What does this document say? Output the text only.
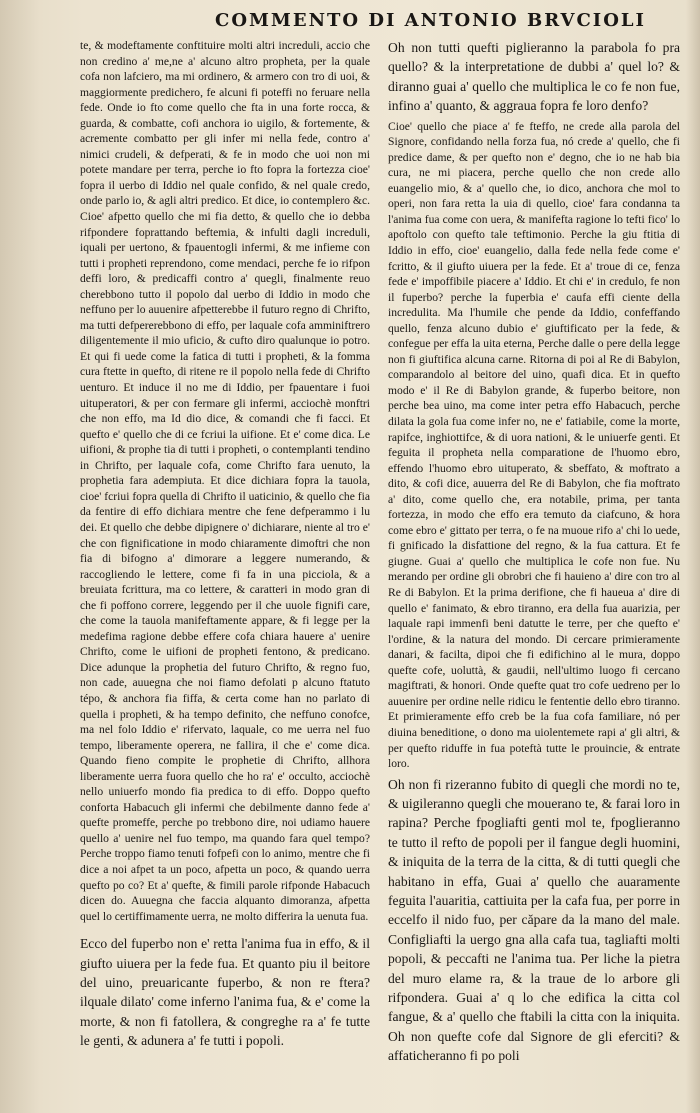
COMMENTO DI ANTONIO BRVCIOLI

te, & modeftamente conftituire molti altri increduli, accio che non credino a' me,ne a' alcuno altro propheta, per la quale cofa non lafciero, ma mi ordinero, & armero con tro di uoi, & maggiormente predichero, fe alcuni fi poteffi no feruare nella fede. Onde io fto come quello che fta in una forte rocca, & guarda, & combatte, cofi anchora io uigilo, & fortemente, & acremente combatto per gli infer mi nella fede, contro a' nimici crudeli, & defperati, & fe in modo che uoi non mi potete mandare per terra, perche io fto fopra la fortezza cioe' fopra il uerbo di Iddio nel quale confido, & nel quale credo, onde parlo io, & agli altri predico. Et dice, io contemplero &c. Cioe' afpetto quello che mi fia detto, & quello che io debba rifpondere foprattando beftemia, & infulti dagli increduli, iquali per uertono, & fpauentogli infermi, & me infieme con tutti i propheti reprendono, come mendaci, perche fe io rifpon deffi loro, & predicaffi contro a' quegli, finalmente reuo cherebbono tutto il popolo dal uerbo di Iddio in modo che neffuno per lo auuenire afpetterebbe il futuro regno di Chrifto, ma tutti defpererebbono di effo, per laquale cofa amminiftrero diligentemente il mio uficio, & cufto diro qualunque io potro. Et qui fi uede come la fatica di tutti i propheti, & la fomma cura ftette in quefto, di ritene re il popolo nella fede di Chrifto uenturo. Et induce il no me di Iddio, per fpauentare i fuoi uituperatori, & per con fermare gli infermi, acciochè monftri che non effo, ma Id dio dice, & comandi che fi facci. Et quefto e' quello che di ce fcriui la uifione. Et e' come dica. Le uifioni, & prophe tia di tutti i propheti, o contemplanti tendino in Chrifto, per laquale cofa, come Chrifto fara uenuto, la prophetia fara adempiuta. Et dice dichiara fopra la tauola, cioe' fcriui fopra quella di Chrifto il uaticinio, & quello che fia da fentire di effo dichiara mentre che fene defperammo i lu dei. Et quello che debbe dipignere o' dichiarare, niente al tro e' che con fignificatione in modo chiaramente dimoftri che non fia di bifogno a' dimorare a leggere numerando, & raccogliendo le lettere, come fi fa in una picciola, & a breuiata fcrittura, ma co lettere, & caratteri in modo gran di che fi poffono correre, leggendo per il che uuole fignifi care, che come la tauola manifeftamente appare, & fi legge per la medefima ragione debbe effere cofa chiara hauere a' uenire Chrifto, come le uifioni de propheti fentono, & predicano. Dice adunque la prophetia del futuro Chrifto, & regno fuo, non cade, auuegna che noi fiamo defolati p alcuno ftatuto tépo, & anchora fia fiffa, & certa come han no parlato di quella i propheti, & ha tempo definito, che neffuno conofce, ma nel folo Iddio e' rifervato, laquale, co me uerra nel fuo tempo, liberamente operera, ne fallira, il che e' come dica. Quando fieno compite le prophetie di Chrifto, allhora liberamente uerra fuora quello che ho ra' e' occulto, acciochè nello uniuerfo mondo fia predica to di effo. Doppo quefto conforta Habacuch gli infermi che debilmente danno fede a' quefte promeffe, perche po trebbono dire, noi udiamo hauere quello a' uenire nel fuo tempo, ma quando fara quel tempo? Perche troppo fiamo tenuti fofpefi con lo animo, mentre che fi dice a noi afpet ta un poco, afpetta un poco, & quando uerra quefto po co? Et a' quefte, & fimili parole rifponde Habacuch dicen do. Auuegna che faccia alquanto dimoranza, afpetta quel lo certiffimamente uerra, ne molto differira la uenuta fua.

Ecco del fuperbo non e' retta l'anima fua in effo, & il giufto uiuera per la fede fua. Et quanto piu il beitore del uino, preuaricante fuperbo, & non re ftera? ilquale dilato' come inferno l'anima fua, & e' come la morte, & non fi fatollera, & congreghe ra a' fe tutte le genti, & adunera a' fe tutti i popoli.

Oh non tutti quefti piglieranno la parabola fo pra quello? & la interpretatione de dubbi a' quel lo? & diranno guai a' quello che multiplica le co fe non fue, infino a' quanto, & aggraua fopra fe loro denfo?

Cioe' quello che piace a' fe fteffo, ne crede alla parola del Signore, confidando nella forza fua, nó crede a' quello, che fi predice dame, & per quefto non e' degno, che io ne hab bia cura, ne mi piacera, perche quello che non crede allo euangelio mio, & a' quello che, io dico, anchora che mol to operi, non fara retta la uia di quello, cioe' fara condanna ta l'anima fua come con uera, & manifefta ragione lo tefti fico' lo apoftolo con quefto tale teftimonio. Perche la giu ftitia di Iddio in effo, cioe' euangelio, dalla fede nella fede come e' fcritto, & il giufto uiuera per la fede. Et a' troue di ce, fenza fede e' impoffibile piacere a' Iddio. Et chi e' in credulo, fe non il fuperbo? perche la fuperbia e' caufa effi ciente della incredulita. Ma l'humile che pende da Iddio, confeffando quello, fenza alcuno dubio e' giuftificato per la fede, & confegue per effa la uita eterna, Perche dalle o pere della legge non fi giuftifica alcuna carne. Ritorna di poi al Re di Babylon, comparandolo al beitore del uino, quafi dica. Et in quefto modo e' il Re di Babylon grande, & fuperbo beitore, non perche bea uino, ma come inter petra effo Habacuch, perche dilata la gola fua come infer no, ne e' fatiabile, come la morte, rapifce, inghiottifce, & di uora nationi, & le uniuerfe genti. Et feguita il propheta nella comparatione de l'huomo ebro, effendo l'huomo ebro uituperato, & sbeffato, & moftrato a dito, & cofi dice, auuerra del Re di Babylon, che fia moftrato a' dito, come quello che, era notabile, prima, per tanta fortezza, in modo che effo era temuto da ciafcuno, & hora come ebro e' gittato per terra, o fe na muoue rifo a' chi lo uede, fi gnificado la disfattione del regno, & la fua cattura. Et fe giugne. Guai a' quello che multiplica le cofe non fue. Nu merando per ordine gli obrobri che fi hauieno a' dire con tro al Re di Babylon. Et la prima derifione, che fi haueua a' dire di quello e' fanimato, & ebro tiranno, era della fua auarizia, per laquale rapi immenfi beni datutte le terre, per che quefto e' l'ordine, & la natura del mondo. Di cercare primieramente danari, & facilta, dipoi che fi edifichino al le mura, doppo quefte cofe, uoluttà, & gaudii, nell'ultimo luogo fi cercano magiftrati, & honori. Onde quefte quat tro cofe uedreno per lo auuenire per ordine nelle ridicu le fententie dello ebro tiranno. Et primieramente effo creb be la fua cofa familiare, nó per diuina beneditione, o dono ma uiolentemete rapi a' gli altri, & per quefto riduffe in fua poteftà tutte le prouincie, & entrate loro.

Oh non fi rizeranno fubito di quegli che mordi no te, & uigileranno quegli che mouerano te, & farai loro in rapina? Perche fpogliafti genti mol te, fpoglieranno te tutto il refto de popoli per il fangue degli huomini, & iniquita de la terra de la citta, & di tutti quegli che habitano in effa, Guai a' quello che auaramente feguita l'auaritia, cattiuita per la cafa fua, per porre in eccelfo il nido fuo, per căpare da la mano del male. Configliafti la uergo gna alla cafa tua, tagliafti molti popoli, & peccafti ne l'anima tua. Per liche la pietra del muro elame ra, & la traue de lo arbore gli rifpondera. Guai a' q lo che edifica la citta col fangue, & a' quello che ftabili la citta con la iniquita. Oh non quefte cofe dal Signore de gli eferciti? & affaticheranno fi po poli
